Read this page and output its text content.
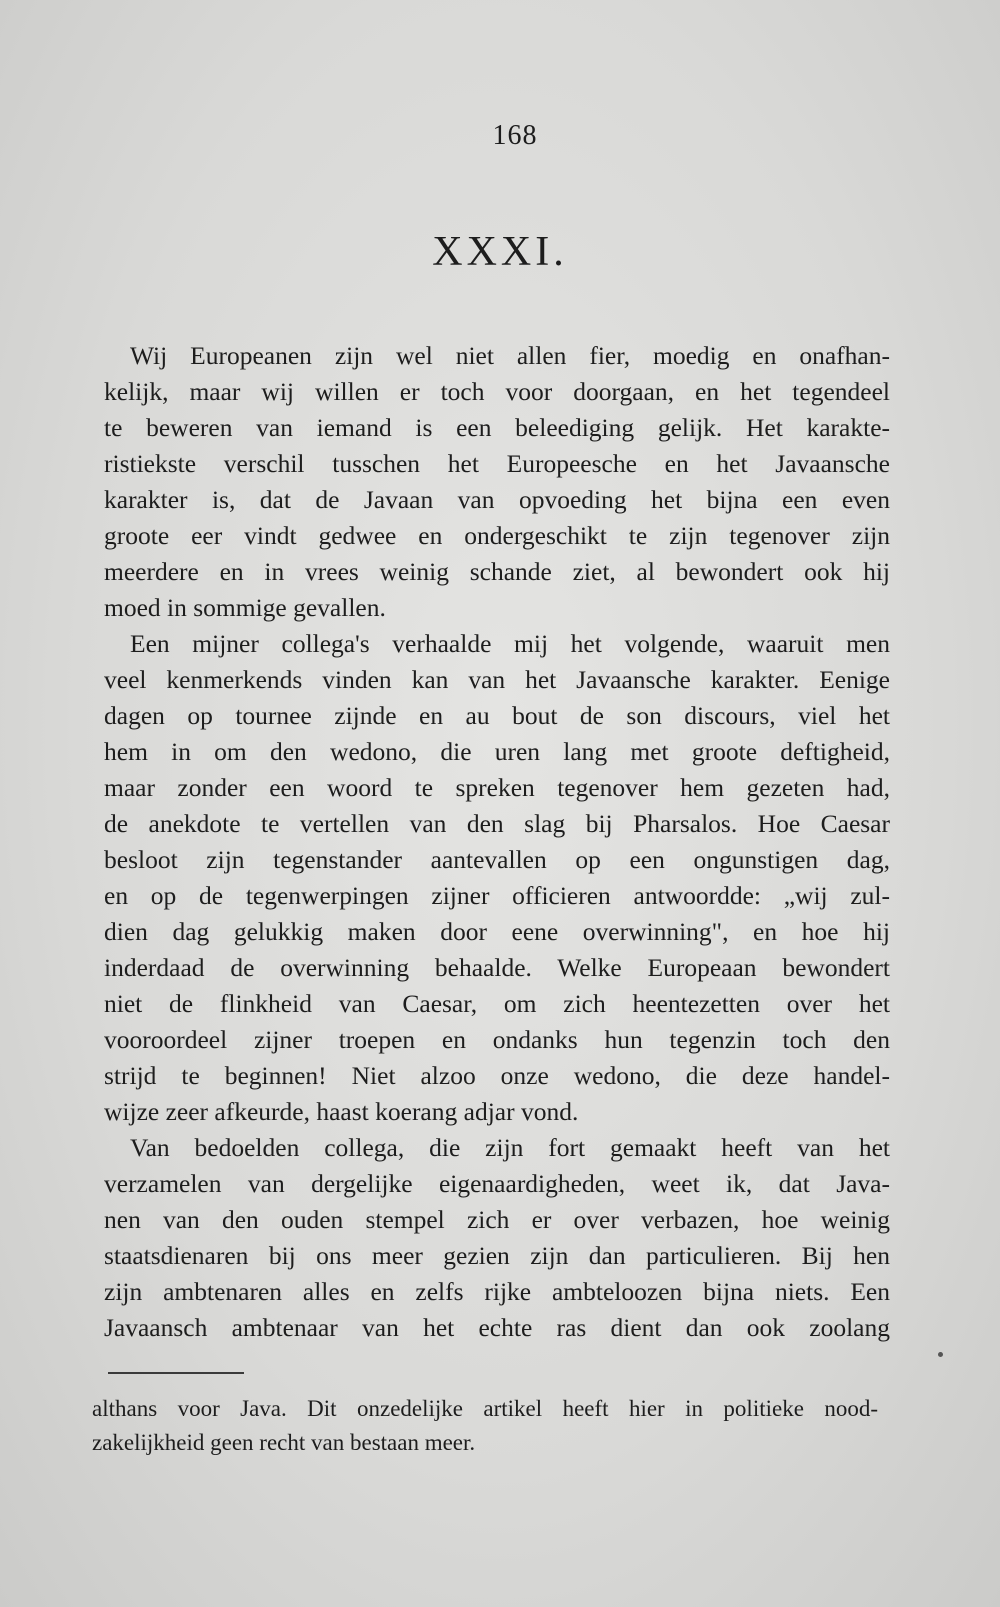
168
XXXI.
Wij Europeanen zijn wel niet allen fier, moedig en onafhan-
kelijk, maar wij willen er toch voor doorgaan, en het tegendeel
te beweren van iemand is een beleediging gelijk. Het karakte-
ristiekste verschil tusschen het Europeesche en het Javaansche
karakter is, dat de Javaan van opvoeding het bijna een even
groote eer vindt gedwee en ondergeschikt te zijn tegenover zijn
meerdere en in vrees weinig schande ziet, al bewondert ook hij
moed in sommige gevallen.
Een mijner collega's verhaalde mij het volgende, waaruit men
veel kenmerkends vinden kan van het Javaansche karakter. Eenige
dagen op tournee zijnde en au bout de son discours, viel het
hem in om den wedono, die uren lang met groote deftigheid,
maar zonder een woord te spreken tegenover hem gezeten had,
de anekdote te vertellen van den slag bij Pharsalos. Hoe Caesar
besloot zijn tegenstander aantevallen op een ongunstigen dag,
en op de tegenwerpingen zijner officieren antwoordde: „wij zul-
dien dag gelukkig maken door eene overwinning", en hoe hij
inderdaad de overwinning behaalde. Welke Europeaan bewondert
niet de flinkheid van Caesar, om zich heentezetten over het
vooroordeel zijner troepen en ondanks hun tegenzin toch den
strijd te beginnen! Niet alzoo onze wedono, die deze handel-
wijze zeer afkeurde, haast koerang adjar vond.
Van bedoelden collega, die zijn fort gemaakt heeft van het
verzamelen van dergelijke eigenaardigheden, weet ik, dat Java-
nen van den ouden stempel zich er over verbazen, hoe weinig
staatsdienaren bij ons meer gezien zijn dan particulieren. Bij hen
zijn ambtenaren alles en zelfs rijke ambteloozen bijna niets. Een
Javaansch ambtenaar van het echte ras dient dan ook zoolang
althans voor Java. Dit onzedelijke artikel heeft hier in politieke nood-
zakelijkheid geen recht van bestaan meer.
